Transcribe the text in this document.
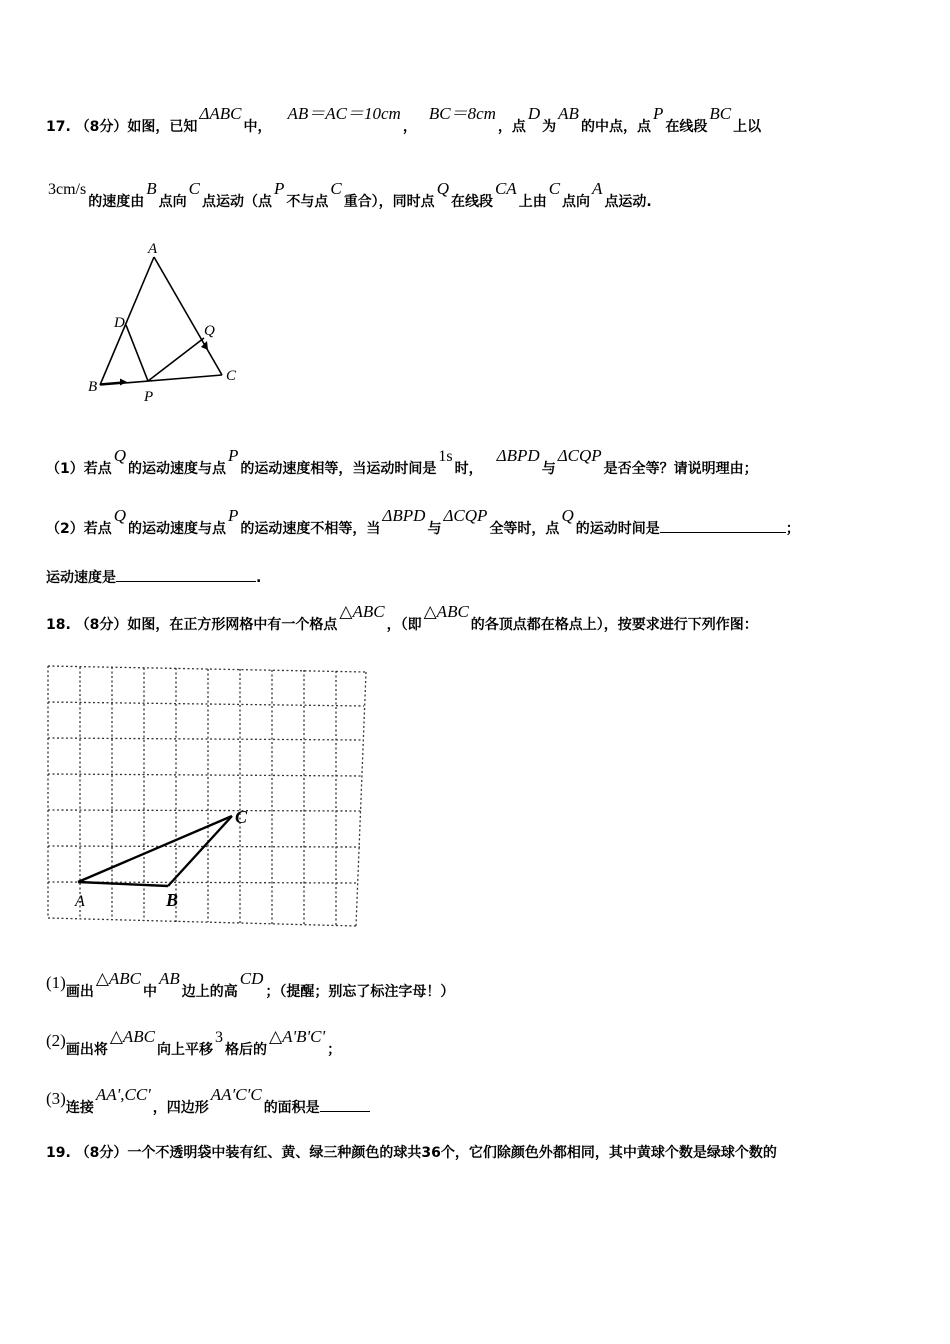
17. （8分）如图，已知ΔABC中，AB＝AC＝10cm，BC＝8cm，点D为AB的中点，点P在线段BC上以
3cm/s的速度由B点向C点运动（点P不与点C重合），同时点Q在线段CA上由C点向A点运动.
A
D	Q
B
C
P
（1）若点Q的运动速度与点P的运动速度相等，当运动时间是1s时，ΔBPD与ΔCQP是否全等？请说明理由；
（2）若点Q的运动速度与点P的运动速度不相等，当ΔBPD与ΔCQP全等时，点Q的运动时间是	；
运动速度是	.
18. （8分）如图，在正方形网格中有一个格点△ABC，（即△ABC的各顶点都在格点上），按要求进行下列作图：
A	B
C
(1)画出△ABC中AB边上的高CD；（提醒；别忘了标注字母！）
(2)画出将△ABC向上平移3格后的△A'B'C'；
(3)连接AA',CC'，四边形AA′C′C的面积是
19. （8分）一个不透明袋中装有红、黄、绿三种颜色的球共36个，它们除颜色外都相同，其中黄球个数是绿球个数的
